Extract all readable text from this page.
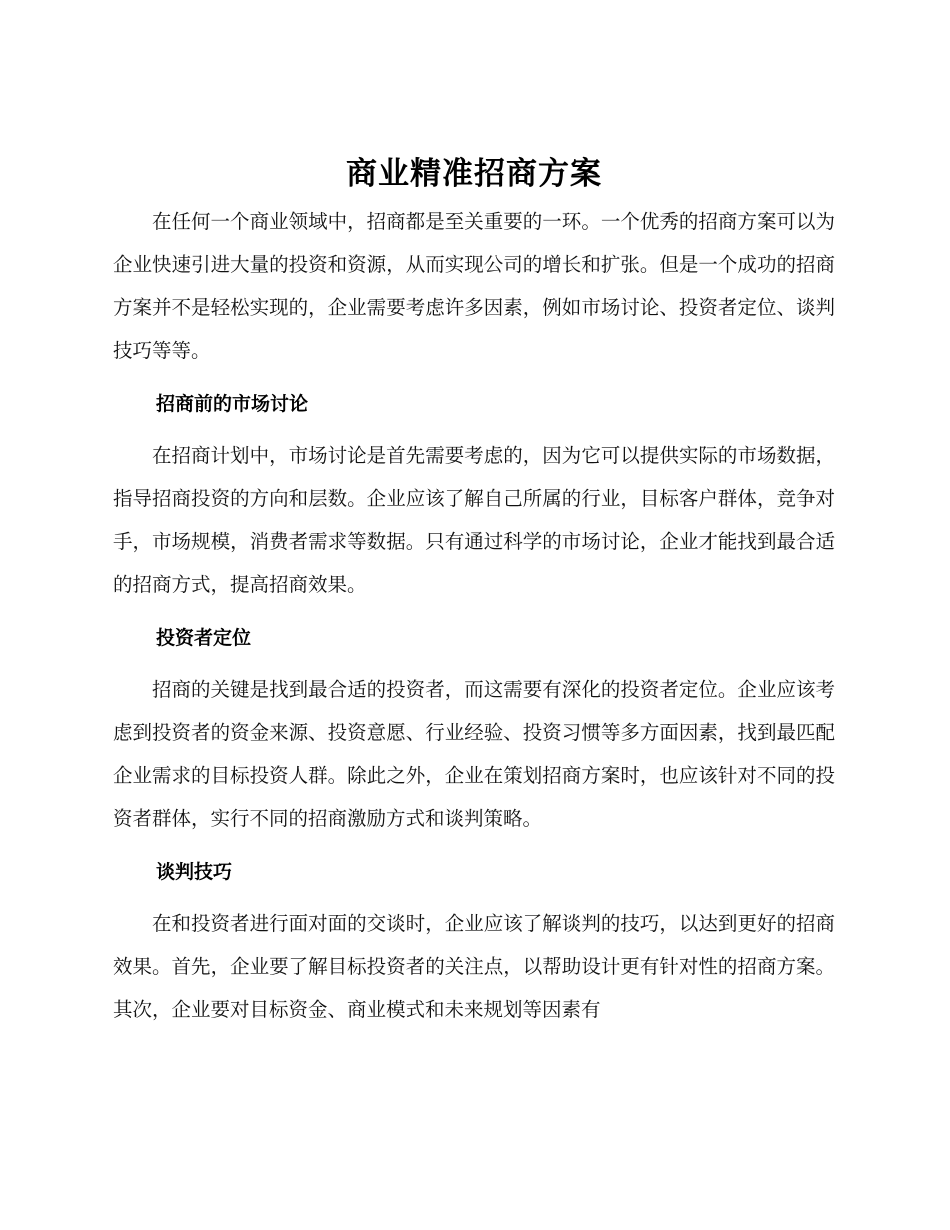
商业精准招商方案

在任何一个商业领域中，招商都是至关重要的一环。一个优秀的招商方案可以为企业快速引进大量的投资和资源，从而实现公司的增长和扩张。但是一个成功的招商方案并不是轻松实现的，企业需要考虑许多因素，例如市场讨论、投资者定位、谈判技巧等等。

招商前的市场讨论

在招商计划中，市场讨论是首先需要考虑的，因为它可以提供实际的市场数据，指导招商投资的方向和层数。企业应该了解自己所属的行业，目标客户群体，竞争对手，市场规模，消费者需求等数据。只有通过科学的市场讨论，企业才能找到最合适的招商方式，提高招商效果。

投资者定位

招商的关键是找到最合适的投资者，而这需要有深化的投资者定位。企业应该考虑到投资者的资金来源、投资意愿、行业经验、投资习惯等多方面因素，找到最匹配企业需求的目标投资人群。除此之外，企业在策划招商方案时，也应该针对不同的投资者群体，实行不同的招商激励方式和谈判策略。

谈判技巧

在和投资者进行面对面的交谈时，企业应该了解谈判的技巧，以达到更好的招商效果。首先，企业要了解目标投资者的关注点，以帮助设计更有针对性的招商方案。其次，企业要对目标资金、商业模式和未来规划等因素有
